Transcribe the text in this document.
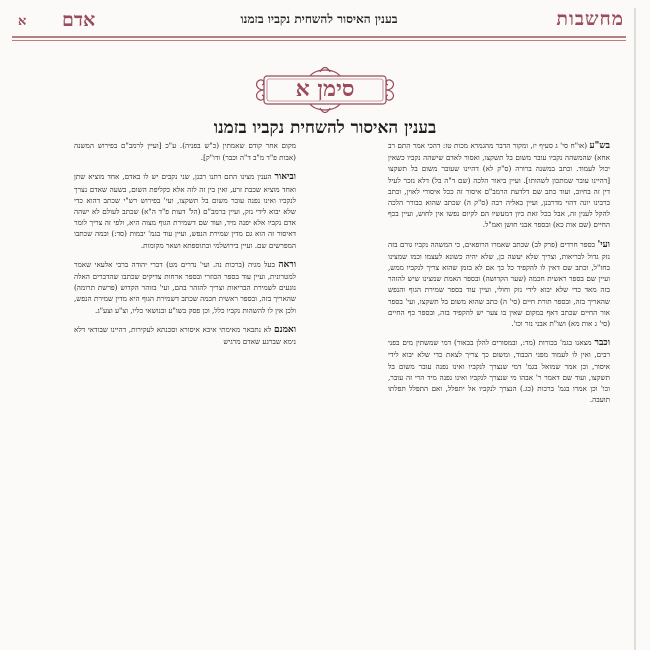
מחשבות
בענין האיסור להשחית נקביו בזמנו
אדם
א
סימן א
בענין האיסור להשחית נקביו בזמנו

בש"ע (או"ח סי' ג סעיף יז, ומקור הדבר מהגמרא מכות טז: דהכי אמר התם רב אחא) שהמשהה נקביו עובר משום בל תשקצו, ואסור לאדם שישהה נקביו כשאין יכול לעמוד. וכתב במשנה ברורה (ס"ק לא) דהיינו שעובר משום בל תשקצו [דהיינו עובר שמתכון לשהותו]. ועיין ביאור הלכה (שם ד"ה בל) דלא נזכר לעיל דין זה בחיוב, ועוד כתב שם דלדעת הרמב"ם איסור זה ככל איסורי לאוין, וכתב ברבינו יונה דהוי מדרבנן, ועיין באליה רבה (ס"ק ה) שכתב שהוא כבורר הלכה להקל לענין זה, אבל בכל זאת כיון דמעשיו הם לקיום נפשו אין לחוש, ועיין בכף החיים (שם אות כא) ובספר אבני חושן ואמ"ל.

ועי' בספר חרדים (פרק לב) שכתב שאמרו הרופאים, כי המשהה נקביו גורם בזה נזק גדול לבריאות, וצריך שלא יעשה כן, שלא יהיה כשונא לעצמו וכמו שמצינו בחז"ל, וכתב שם דאין לו להקפיד כל כך אם לא בזמן שהוא צריך לנקביו ממש, ועיין שם בספר ראשית חכמה (שער הקדושה) ובספר האמת שמצינו שיש להזהר בזה מאד כדי שלא יבוא לידי נזק וחולי, ועיין עוד בספר שמירת הגוף והנפש שהאריך בזה, ובספר תורת חיים (סי' ה) כתב שהוא משום בל תשקצו, ועי' בספר אור החיים שכתב דאף במקום שאין בו צער יש להקפיד בזה, ובספר כף החיים (סי' ג אות מא) ושו"ת אבני נזר וכו'.

וכבר מצאנו בגמ' בכורות (מד:, ובמסורים להלן בבאור) דמי שמשתין מים בפני רבים, ואין לו לעמוד מפני הכבוד, ומשום כך צריך לצאת כדי שלא יבוא לידי איסור, וכן אמר שמואל בגמ' דמי שנצרך לנקביו ואינו נפנה עובר משום בל תשקצו, ועוד שם דאמר ר' אבהו מי שנצרך לנקביו ואינו נפנה מיד הרי זה עובר, וכו' וכן אמרו בגמ' ברכות (כג.) הנצרך לנקביו אל יתפלל, ואם התפלל תפלתו תועבה.

מקום אחר קודם שאמתין (כ"ש בפניה). ע"כ [ועיין לרמב"ם בפירוש המשנה (אבות פ"ד מ"ב ד"ה וכבר) ודו"ק].

וביאור הענין מצינו התם דתנו רבנן, שני נקבים יש לו באדם, אחד מוציא שתן ואחד מוציא שכבת זרע, ואין בין זה לזה אלא כקליפת השום, בשעה שאדם נצרך לנקביו ואינו נפנה עובר משום בל תשקצו, ועי' בפירוש רש"י שכתב דהוא כדי שלא יבוא לידי נזק, ועיין ברמב"ם (הל' דעות פ"ד ה"א) שכתב לעולם לא ישהה אדם נקביו אלא יפנה מיד, ועוד שם דשמירת הגוף מצוה היא, ולפי זה צריך לומר דאיסור זה הוא גם מדין שמירת הנפש, ועיין עוד בגמ' יבמות (סד:) ובמה שכתבו המפרשים שם. ועיין בירושלמי ובתוספתא ושאר מקומות.

וראה בעל מגיה (ברכות נה. ועי' נדרים מט) דברי יהודה ברבי אלעאי שאמר למטרונית, ועיין עוד בספר הכוזרי ובספר ארחות צדיקים שכתבו שהדברים האלה נוגעים לשמירת הבריאות וצריך להזהר בהם, ועי' בזוהר הקדוש (פרשת תרומה) שהאריך בזה, ובספר ראשית חכמה שכתב דשמירת הגוף היא מדין שמירת הנפש, ולכן אין לו להשהות נקביו כלל, וכן פסק בשו"ע ובנושאי כליו, וצ"ע וצע"ג.

ואמנם לא נתבאר מאימתי איכא איסורא וסכנתא לעקירות, דהיינו שבודאי דלא נימא שברגע שאדם מרגיש
